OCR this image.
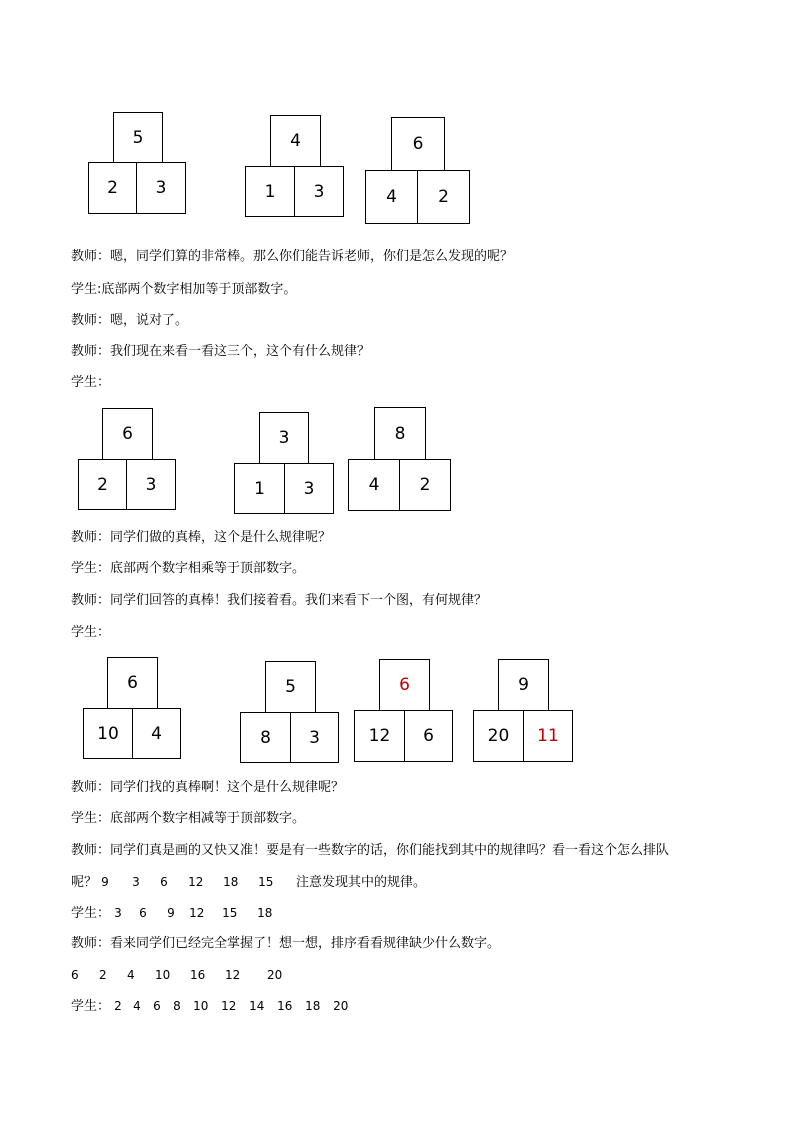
5
2	3
4
1	3
6
4	2
教师：嗯，同学们算的非常棒。那么你们能告诉老师，你们是怎么发现的呢？
学生:底部两个数字相加等于顶部数字。
教师：嗯，说对了。
教师：我们现在来看一看这三个，这个有什么规律？
学生：
6
2	3
3
1	3
8
4	2
教师：同学们做的真棒，这个是什么规律呢？
学生：底部两个数字相乘等于顶部数字。
教师：同学们回答的真棒！我们接着看。我们来看下一个图，有何规律？
学生：
6
10	4
5
8	3
6
12	6
9
20	11
教师：同学们找的真棒啊！这个是什么规律呢？
学生：底部两个数字相减等于顶部数字。
教师：同学们真是画的又快又准！要是有一些数字的话，你们能找到其中的规律吗？看一看这个怎么排队
呢？ 9 3 6 12 18 15 注意发现其中的规律。
学生： 3 6 9 12 15 18
教师：看来同学们已经完全掌握了！想一想，排序看看规律缺少什么数字。
6 2 4 10 16 12 20
学生： 2 4 6 8 10 12 14 16 18 20
